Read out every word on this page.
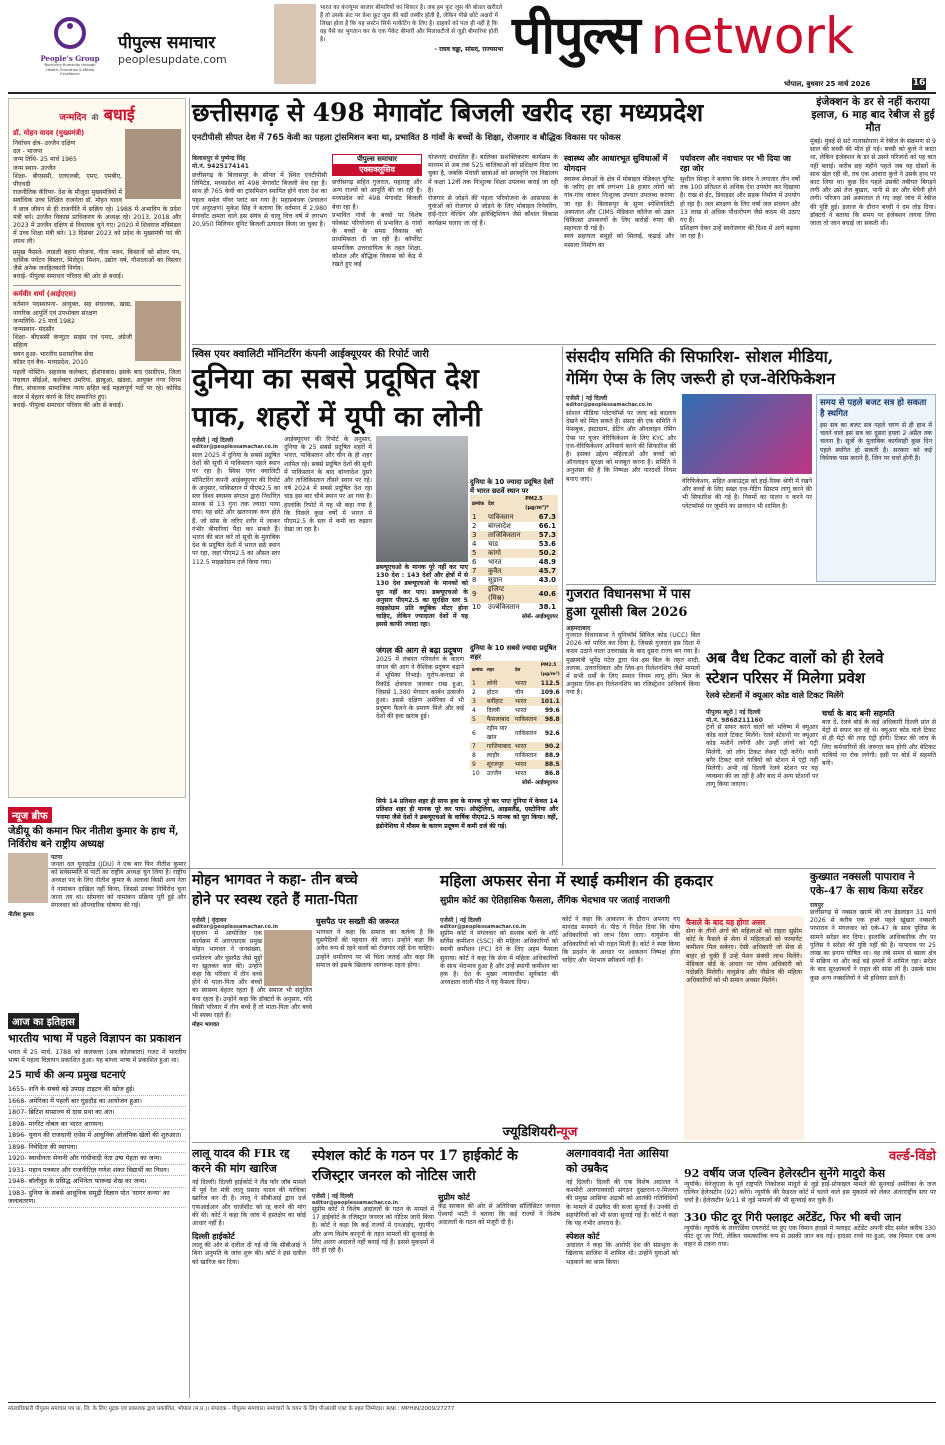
People's Group
Nurturing Humanity through Health, Education & Media Excellence
पीपुल्स समाचार
peoplesupdate.com
भारत का कंज्यूमर बाजार बीमारियों का शिकार है। जब हम फूट जूस की बोतल खरीदते हैं तो उसके फ्रंट पर फ्रेश फ्रूट जूस की बड़ी तस्वीर होती है, लेकिन पीछे छोटे अक्षरों में लिखा होता है कि यह सस्टेन सिर्फ मार्केटिंग के लिए है। ग्राहकों को पता ही नहीं है कि वह पैसे का भुगतान कर के एक पैकेट बीमारी और मिलावटीजें से जुड़ी बीमारियां होती है।
- राघव चड्ढा, सांसद, राज्यसभा पीपुल्स network
भोपाल, बुधवार 25 मार्च 2026	16
जन्मदिन की बधाई
डॉ. मोहन यादव (मुख्यमंत्री)
निर्वाचन क्षेत्र- उज्जैन दक्षिण
दल - भाजपा
जन्म तिथि- 25 मार्च 1965
जन्म स्थान- उज्जैन
शिक्षा- बीएससी, एलएलबी, एमए, एमबीए, पीएचडी
राजनीतिक कॅरियर- देश के मौजूदा मुख्यमंत्रियों में सर्वाधिक उच्च शिक्षित राजनेता डॉ. मोहन यादव ने छात्र जीवन से ही राजनीति में सक्रिय रहे। 1988 में अभाविप के प्रदेश मंत्री बने। उज्जैन विकास प्राधिकरण के अध्यक्ष रहे। 2013, 2018 और 2023 में उज्जैन दक्षिण से विधायक चुने गए। 2020 में शिवराज मंत्रिमंडल में उच्च शिक्षा मंत्री बने। 13 दिसंबर 2023 को प्रदेश के मुख्यमंत्री पद की शपथ ली।
प्रमुख फैसले- लाडली बहना योजना, गीता भवन, किसानों को सोलर पंप, धार्मिक पर्यटन विस्तार, मिलेट्स मिशन, उद्योग वर्ष, गौशालाओं का विस्तार जैसे अनेक जनहितकारी निर्णय।
बधाई- पीपुल्स समाचार परिवार की ओर से बधाई।
कर्मवीर शर्मा (आईएएस)
वर्तमान पदस्थापना- आयुक्त, सह संचालक, खाद्य, नागरिक आपूर्ति एवं उपभोक्ता संरक्षण
जन्मतिथि- 25 मार्च 1982
जन्मस्थान- मंदसौर
शिक्षा- बीएससी कंप्यूटर साइंस एवं एमए, अंग्रेजी सहित्य
चयन हुआ- भारतीय प्रशासनिक सेवा
कॉडर एवं बैच- मध्यप्रदेश, 2010
पहली पोस्टिंग- सहायक कलेक्टर, होशंगाबाद। इसके बाद एसडीएम, जिला पंचायत सीईओ, कलेक्टर उमरिया, झाबुआ, खंडवा, आयुक्त नगर निगम रीवा, संचालक सामाजिक न्याय सहित कई महत्वपूर्ण पदों पर रहे। कोविड काल में बेहतर कार्य के लिए सम्मानित हुए।
बधाई- पीपुल्स समाचार परिवार की ओर से बधाई।
छत्तीसगढ़ से 498 मेगावॉट बिजली खरीद रहा मध्यप्रदेश
एनटीपीसी सीपत देश में 765 केवी का पहला ट्रांसमिशन बना था, प्रभावित 8 गांवों के बच्चों के शिक्षा, रोजगार व बौद्धिक विकास पर फोकस
बिलासपुर से पुष्पेन्द्र सिंह
मो.नं. 9425174141
छत्तीसगढ़ के बिलासपुर के सीपत में स्थित एनटीपीसी लिमिटेड, मध्यप्रदेश को 498 मेगावॉट बिजली बेच रहा है। साथ ही 765 केवी का ट्रांसमिशन स्थापित होने वाला देश का पहला थर्मल पॉवर प्लांट बन गया है। महाप्रबंधक (प्रचालन एवं अनुरक्षण) मुकेश सिंह ने बताया कि वर्तमान में 2,980 मेगावॉट क्षमता वाले इस संयंत्र से चालू वित्त वर्ष में लगभग 20,950 मिलियन यूनिट बिजली उत्पादन किया जा चुका है।
पीपुल्स समाचार
एक्सक्लूसिव
छत्तीसगढ़ सहित गुजरात, महाराष्ट्र और अन्य राज्यों को आपूर्ति की जा रही है। मध्यप्रदेश को 498 मेगावॉट बिजली बेचा रहा है।
प्रभावित गांवों के बच्चों पर विशेष फोकसः परियोजना से प्रभावित 8 गांवों के बच्चों के समग्र विकास को प्राथमिकता दी जा रही है। कॉर्पोरेट सामाजिक उत्तरदायित्व के तहत शिक्षा, कौशल और बौद्धिक विकास को केंद्र में रखते हुए कई
योजनाएं संचालित हैं। बालिका सशक्तिकरण कार्यक्रम के माध्यम से अब तक 525 बालिकाओं को प्रशिक्षण दिया जा चुका है, जबकि मेधावी छात्राओं को छात्रवृत्ति एवं विद्यालय में कक्षा 12वीं तक निःशुल्क शिक्षा उपलब्ध कराई जा रही है।
रोजगार से जोड़ने की पहलः परियोजना के आसपास के युवाओं को रोजगार से जोड़ने के लिए मोबाइल रिपेयरिंग, हाई-एंटर वेल्डिंग और इलेक्ट्रिशियन जैसे कौशल विकास कार्यक्रम चलाए जा रहे हैं।
स्वास्थ्य और आधारभूत सुविधाओं में योगदान
स्वास्थ्य सेवाओं के क्षेत्र में मोबाइल मेडिकल यूनिट के जरिए हर वर्ष लगभग 18 हजार लोगों को गांव-गांव जाकर निःशुल्क उपचार उपलब्ध कराया जा रहा है। बिलासपुर के सुपर स्पेशियलिटी अस्पताल और CIMS मेडिकल कॉलेज को उन्नत चिकित्सा उपकरणों के लिए करोड़ों रुपए की सहायता दी गई है।
स्वयं सहायता समूहों को सिलाई, कढ़ाई और मसाला निर्माण का
पर्यावरण और नवाचार पर भी दिया जा रहा जोर
सुशील सिन्हा ने बताया कि संयंत्र ने लगातार तीन वर्षों तक 100 प्रतिशत से अधिक ऐश उपयोग कर दिखाया है। राख से ईंट, डिवाइडर और सड़क निर्माण में उपयोग हो रहा है। जल संरक्षण के लिए वर्षा जल संचयन और 13 लाख से अधिक पौधारोपण जैसे कदम भी उठाए गए हैं।
प्रशिक्षण देकर उन्हें स्वरोजगार की दिशा में आगे बढ़ाया जा रहा है।
इंजेक्शन के डर से नहीं कराया इलाज, 6 माह बाद रेबीज से हुई मौत
मुंबई। मुंबई से सटे नालासोपारा में रेबीज के संक्रमण से 9 साल की बच्ची की मौत हो गई। बच्ची को कुत्ते ने काटा था, लेकिन इंजेक्शन के डर से उसने परिजनों को यह बात नहीं बताई। करीब छह महीने पहले जब वह दोस्तों के साथ खेल रही थी, तब एक आवारा कुत्ते ने उसके हाथ पर काट लिया था। कुछ दिन पहले उसकी तबीयत बिगड़ने लगी और उसे तेज बुखार, पानी से डर और बेचैनी होने लगी। परिजन उसे अस्पताल ले गए जहां जांच में रेबीज की पुष्टि हुई। इलाज के दौरान बच्ची ने दम तोड़ दिया। डॉक्टरों ने बताया कि समय पर इंजेक्शन लगवा लिया जाता तो जान बचाई जा सकती थी।
स्विस एयर क्वालिटी मॉनिटरिंग कंपनी आईक्यूएयर की रिपोर्ट जारी
दुनिया का सबसे प्रदूषित देश
पाक, शहरों में यूपी का लोनी
एजेंसी | नई दिल्ली
editor@peoplessamachar.co.in
साल 2025 में दुनिया के सबसे प्रदूषित देशों की सूची में पाकिस्तान पहले स्थान पर रहा है। स्विस एयर क्वालिटी मॉनिटरिंग कंपनी आईक्यूएयर की रिपोर्ट के अनुसार, पाकिस्तान में पीएम2.5 का स्तर विश्व स्वास्थ्य संगठन द्वारा निर्धारित मानक से 13 गुना तक ज्यादा पाया गया। यह छोटे और खतरनाक कण होते हैं, जो सांस के जरिए शरीर में जाकर गंभीर बीमारियां पैदा कर सकते हैं। भारत की बात करें तो सूची के मुताबिक देश के प्रदूषित देशों में भारत छठे स्थान पर रहा, जहां पीएम2.5 का औसत स्तर 112.5 माइक्रोग्राम दर्ज किया गया।
आईक्यूएयर की रिपोर्ट के अनुसार, दुनिया के 25 सबसे प्रदूषित शहरों में भारत, पाकिस्तान और चीन के ही शहर शामिल रहे। सबसे प्रदूषित देशों की सूची में पाकिस्तान के बाद बांग्लादेश दूसरे और ताजिकिस्तान तीसरे स्थान पर रहे। वर्ष 2024 में सबसे प्रदूषित देश रहा चाड इस बार चौथे स्थान पर आ गया है। हालांकि रिपोर्ट में यह भी कहा गया है कि पिछले कुछ वर्षों में भारत में पीएम2.5 के स्तर में कमी का रुझान देखा जा रहा है।
डब्ल्यूएचओ के मानक पूरे नहीं कर पाए 130 देश : 143 देशों और क्षेत्रों में से 130 देश डब्ल्यूएचओ के मानकों को पूरा नहीं कर पाए। डब्ल्यूएचओ के अनुसार पीएम2.5 का सुरक्षित स्तर 5 माइक्रोग्राम प्रति क्यूबिक मीटर होना चाहिए, लेकिन ज्यादातर देशों में यह इससे काफी ज्यादा रहा।
जंगल की आग से बढ़ा प्रदूषण
2025 में लंबवत परिवर्तन के कारण जंगल की आग ने वैश्विक प्रदूषण बढ़ाने में भूमिका निभाई। यूरोप-कनाडा से रिकॉर्ड क्षेत्रफल जलकर राख हुआ, जिससे 1,380 मेगाटन कार्बन उत्सर्जन हुआ। इससे दक्षिण अमेरिका में भी प्रदूषण फैलने के प्रमाण मिले और कई देशों की हवा खराब हुई।
दुनिया के 10 ज्यादा प्रदूषित देशों में भारत छठवें स्थान पर
क्रमांक	देश	PM2.5 (μg/m³)*
1	पाकिस्तान	67.3
2	बांग्लादेश	66.1
3	ताजिकिस्तान	57.3
4	चाड	53.6
5	कांगो	50.2
6	भारत	48.9
7	कुवैत	45.7
8	सूडान	43.0
9	इजिप्ट (मिस्र)	40.6
10	उज्बेकिस्तान	38.1
सोर्स- आईक्यूएयर
दुनिया के 10 सबसे ज्यादा प्रदूषित शहर
क्रमांक	शहर	देश	PM2.5 (μg/m³)
1	लोनी	भारत	112.5
2	होटन	चीन	109.6
3	बर्नीहाट	भारत	101.1
4	दिल्ली	भारत	99.6
5	फैसलाबाद	पाकिस्तान	98.8
6	रहीम यार खान	पाकिस्तान	92.6
7	गाजियाबाद	भारत	90.2
8	लाहौर	पाकिस्तान	88.9
9	सूरजपुर	भारत	88.5
10	उज्जैन	भारत	86.8
सोर्स- आईक्यूएयर
सिर्फ 14 प्रतिशत शहर ही साफ हवा के मानक पूरे कर पाएः दुनिया में केवल 14 प्रतिशत शहर ही मानक पूरे कर पाए। ऑस्ट्रेलिया, आइसलैंड, एस्टोनिया और पनामा जैसे देशों ने डब्ल्यूएचओ के वार्षिक पीएम2.5 मानक को पूरा किया। वहीं, इंडोनेशिया में मौसम के कारण प्रदूषण में कमी दर्ज की गई।
संसदीय समिति की सिफारिश- सोशल मीडिया,
गेमिंग ऐप्स के लिए जरूरी हो एज-वेरिफिकेशन
एजेंसी | नई दिल्ली
editor@peoplessamachar.co.in
सोशल मीडिया प्लेटफॉर्म्स पर जल्द बड़े बदलाव देखने को मिल सकते हैं। संसद की एक समिति ने फेसबुक, इंस्टाग्राम, डेटिंग और ऑनलाइन गेमिंग ऐप्स पर यूजर वेरिफिकेशन के लिए KYC और एज-वेरिफिकेशन अनिवार्य करने की सिफारिश की है। इसका उद्देश्य महिलाओं और बच्चों को ऑनलाइन सुरक्षा को मजबूत करना है। समिति ने अनुशंसा की है कि निष्पक्ष और पारदर्शी नियम बनाए जाएं।	वेरिफिकेशन, सहित अकाउंट्स को हाई-रिस्क श्रेणी में रखने और बच्चों के लिए सख्त एज-गेटिंग सिस्टम लागू करने की भी सिफारिश की गई है। नियमों का पालन न करने पर प्लेटफॉर्म्स पर जुर्माने का प्रावधान भी शामिल है।
समय से पहले बजट सत्र हो सकता है स्थगित
इस सत्र का बजट सत्र पहले चरण से ही हाथ में चलने वाले इस सत्र का दूसरा हफ्ता 2 अप्रैल तक चलना है। सूत्रों के मुताबिक कार्यवाही कुछ दिन पहले स्थगित हो सकती है। सरकार को कई विधेयक पास कराने हैं, जिन पर चर्चा होनी है।
गुजरात विधानसभा में पास
हुआ यूसीसी बिल 2026
अहमदाबाद
गुजरात विधानसभा ने यूनिफॉर्म सिविल कोड (UCC) बिल 2026 को पारित कर दिया है, जिससे गुजरात इस दिशा में कदम उठाने वाला उत्तराखंड के बाद दूसरा राज्य बन गया है। मुख्यमंत्री भूपेंद्र पटेल द्वारा पेश इस बिल के तहत शादी, तलाक, उत्तराधिकार और लिव-इन रिलेशनशिप जैसे मामलों में सभी धर्मों के लिए समान नियम लागू होंगे। बिल के अनुसार लिव-इन रिलेशनशिप का रजिस्ट्रेशन अनिवार्य किया गया है।
अब वैध टिकट वालों को ही रेलवे
स्टेशन परिसर में मिलेगा प्रवेश
रेलवे स्टेशनों में क्यूआर कोड वाले टिकट मिलेंगे
पीपुल्स ब्यूरो | नई दिल्ली
मो.नं. 9868211160
ट्रेनों से सफर करने वालों को भविष्य में क्यूआर कोड वाले टिकट मिलेंगे। रेलवे स्टेशनों पर क्यूआर कोड मशीनें लगेंगी और उन्हीं लोगों को एंट्री मिलेगी, जो लोग टिकट लेकर एंट्री करेंगे। यानी बगैर टिकट वाले यात्रियों को स्टेशन में एंट्री नहीं मिलेगी। अभी नई दिल्ली रेलवे स्टेशन पर यह व्यवस्था की जा रही है और बाद में अन्य स्टेशनों पर लागू किया जाएगा।
चर्चा के बाद बनी सहमति
बता दें, रेलवे बोर्ड के कई अधिकारी दिल्ली प्रांत से मेट्रो से सफर कर रहे थे। क्यूआर कोड वाले टिकट से ही मेट्रो की तरह एंट्री होगी। टिकट की जांच के लिए कर्मचारियों की जरूरत कम होगी और बेटिकट यात्रियों पर रोक लगेगी। इसी पर बोर्ड में सहमति बनी।
न्यूज ब्रीफ
जेडीयू की कमान फिर नीतीश कुमार के हाथ में, निर्विरोध बने राष्ट्रीय अध्यक्ष
पटना
जनता दल यूनाइटेड (JDU) ने एक बार फिर नीतीश कुमार को सर्वसम्मति से पार्टी का राष्ट्रीय अध्यक्ष चुन लिया है। राष्ट्रीय अध्यक्ष पद के लिए नीतीश कुमार के अलावा किसी अन्य नेता ने नामांकन दाखिल नहीं किया, जिससे उनका निर्विरोध चुना जाना तय था। सोमवार को नामांकन प्रक्रिया पूरी हुई और मंगलवार को औपचारिक घोषणा की गई।
नीतीश कुमार
आज का इतिहास
भारतीय भाषा में पहले विज्ञापन का प्रकाशन
भारत में 25 मार्च, 1788 को कलकत्ता (अब कोलकाता) गजट में भारतीय भाषा में पहला विज्ञापन प्रकाशित हुआ। यह बांग्ला भाषा में प्रकाशित हुआ था।
25 मार्च की अन्य प्रमुख घटनाएं
1655- शनि के सबसे बड़े उपग्रह टाइटन की खोज हुई।
1668- अमेरिका में पहली बार घुड़दौड़ का आयोजन हुआ।
1807- ब्रिटिश साम्राज्य से दास प्रथा का अंत।
1898- मार्गरेट नोबल का भारत आगमन।
1896- यूनान की राजधानी एथेंस में आधुनिक ओलंपिक खेलों की शुरुआत।
1898- निवेदिता की स्थापना।
1920- स्वाधीनता सेनानी और गांधीवादी नेता उषा मेहता का जन्म।
1931- महान पत्रकार और राजनीतिज्ञ गणेश शंकर विद्यार्थी का निधन।
1948- बॉलीवुड के प्रसिद्ध अभिनेता फारूख शेख का जन्म।
1983- दुनिया के सबसे आधुनिक समुद्री विज्ञान पोत 'सागर कन्या' का जलावतरण।
मोहन भागवत ने कहा- तीन बच्चे
होने पर स्वस्थ रहते हैं माता-पिता
एजेंसी | वृंदावन
editor@peoplessamachar.co.in
वृंदावन में आयोजित एक कार्यक्रम में आरएसएस प्रमुख मोहन भागवत ने जनसंख्या, धर्मांतरण और घुसपैठ जैसे मुद्दों पर खुलकर बात की। उन्होंने कहा कि परिवार में तीन बच्चे होने से माता-पिता और बच्चों का स्वास्थ्य बेहतर रहता है और समाज भी संतुलित बना रहता है। उन्होंने कहा कि डॉक्टरों के अनुसार, यदि किसी परिवार में तीन बच्चे हैं तो माता-पिता और बच्चे भी स्वस्थ रहते हैं।
मोहन भागवत
घुसपैठ पर सख्ती की जरूरत
भागवत ने कहा कि समाज का कर्तव्य है कि घुसपैठियों की पहचान की जाए। उन्होंने कहा कि अवैध रूप से रहने वालों को रोजगार नहीं देना चाहिए। उन्होंने धर्मांतरण पर भी चिंता जताई और कहा कि समाज को इसके खिलाफ जागरूक रहना होगा।
महिला अफसर सेना में स्थाई कमीशन की हकदार
सुप्रीम कोर्ट का ऐतिहासिक फैसला, लैंगिक भेदभाव पर जताई नाराजगी
एजेंसी | नई दिल्ली
editor@peoplessamachar.co.in
सुप्रीम कोर्ट ने मंगलवार को सशस्त्र बलों के शॉर्ट सर्विस कमीशन (SSC) की महिला अधिकारियों को स्थायी कमीशन (PC) देने के लिए अहम फैसला सुनाया। कोर्ट ने कहा कि सेना में महिला अधिकारियों के साथ भेदभाव हुआ है और उन्हें स्थायी कमीशन का हक है। देश के मुख्य न्यायाधीश सूर्यकांत की अध्यक्षता वाली पीठ ने यह फैसला दिया।
कोर्ट ने कहा कि आकलन के दौरान अपनाए गए मानदंड मनमाने थे। पीठ ने निर्देश दिया कि योग्य अधिकारियों को लाभ दिया जाए। वायुसेना की अधिकारियों को भी राहत मिली है। कोर्ट ने स्पष्ट किया कि प्रदर्शन के आधार पर आकलन निष्पक्ष होना चाहिए और भेदभाव स्वीकार्य नहीं है।
फैसले के बाद यह होगा असर
सेना के तीनों अंगों की महिलाओं को राहतः सुप्रीम कोर्ट के फैसले से सेना में महिलाओं को परमानेंट कमीशन मिल सकेगा। ऐसी अधिकारी जो सेवा से बाहर हो चुकी हैं उन्हें पेंशन संबंधी लाभ मिलेंगे। मेडिकल बोर्ड के आधार पर योग्य अधिकारी को पदोन्नति मिलेगी। वायुसेना और नौसेना की महिला अधिकारियों को भी समान अवसर मिलेंगे।
कुख्यात नक्सली पापाराव ने एके-47 के साथ किया सरेंडर
रायपुर
छत्तीसगढ़ से नक्सल खात्मे की तय डेडलाइन 31 मार्च 2026 से करीब एक हफ्ते पहले खूंखार नक्सली पापाराव ने मंगलवार को एके-47 के साथ पुलिस के सामने सरेंडर कर दिया। हालांकि आधिकारिक तौर पर पुलिस ने सरेंडर की पुष्टि नहीं की है। पापाराव पर 25 लाख का इनाम घोषित था। वह लंबे समय से बस्तर क्षेत्र में सक्रिय था और कई बड़े हमलों में शामिल रहा। सरेंडर के बाद सुरक्षाबलों ने राहत की सांस ली है। उसके साथ कुछ अन्य नक्सलियों ने भी हथियार डाले हैं।
ज्यूडिशियरीन्यूज
लालू यादव की FIR रद्द करने की मांग खारिज
नई दिल्ली। दिल्ली हाईकोर्ट ने लैंड फॉर जॉब मामले में पूर्व रेल मंत्री लालू प्रसाद यादव की याचिका खारिज कर दी है। लालू ने सीबीआई द्वारा दर्ज एफआईआर और चार्जशीट को रद्द करने की मांग की थी। कोर्ट ने कहा कि जांच में हस्तक्षेप का कोई आधार नहीं है।
दिल्ली हाईकोर्ट
लालू की ओर से दलील दी गई थी कि सीबीआई ने बिना अनुमति के जांच शुरू की। कोर्ट ने इस दलील को खारिज कर दिया।
स्पेशल कोर्ट के गठन पर 17 हाईकोर्ट के रजिस्ट्रार जनरल को नोटिस जारी
एजेंसी | नई दिल्ली
editor@peoplessamachar.co.in
सुप्रीम कोर्ट ने विशेष अदालतों के गठन के मामले में 17 हाईकोर्ट के रजिस्ट्रार जनरल को नोटिस जारी किया है। कोर्ट ने कहा कि कई राज्यों में एनआईए, यूएपीए और अन्य विशेष कानूनों के तहत मामलों की सुनवाई के लिए अलग अदालतें नहीं बनाई गई हैं। इससे मुकदमों में देरी हो रही है।
सुप्रीम कोर्ट
केंद्र सरकार की ओर से अतिरिक्त सॉलिसिटर जनरल ऐश्वर्या भाटी ने बताया कि कई राज्यों ने विशेष अदालतों के गठन को मंजूरी दी है।
अलगाववादी नेता आसिया को उम्रकैद
नई दिल्ली। दिल्ली की एक विशेष अदालत ने कश्मीरी अलगाववादी संगठन दुख्तरान-ए-मिल्लत की प्रमुख आसिया अंद्राबी को आतंकी गतिविधियों के मामले में उम्रकैद की सजा सुनाई है। उनकी दो सहयोगियों को भी सजा सुनाई गई है। कोर्ट ने कहा कि यह गंभीर अपराध है।
स्पेशल कोर्ट
अदालत ने कहा कि आरोपी देश की संप्रभुता के खिलाफ साजिश में शामिल थी। उन्होंने युवाओं को भड़काने का काम किया।
वर्ल्ड-विंडो
92 वर्षीय जज एल्विन हेलेरस्टीन सुनेंगे मादुरो केस
न्यूयॉर्क। वेनेजुएला के पूर्व राष्ट्रपति निकोलस मादुरो से जुड़े हाई-प्रोफाइल मामले की सुनवाई अमेरिका के जज एल्विन हेलेरस्टीन (92) करेंगे। न्यूयॉर्क की फेडरल कोर्ट में चलने वाले इस मुकदमे को लेकर अंतरराष्ट्रीय स्तर पर चर्चा है। हेलेरस्टीन 9/11 से जुड़े मामलों की भी सुनवाई कर चुके हैं।
330 फीट दूर गिरी फ्लाइट अटेंडेंट, फिर भी बची जान
न्यूयॉर्क। न्यूयॉर्क के लागार्डिया एयरपोर्ट पर हुए एक विमान हादसे में फ्लाइट अटेंडेंट अपनी सीट समेत करीब 330 फीट दूर जा गिरी, लेकिन चमत्कारिक रूप से उसकी जान बच गई। हादसा रनवे पर हुआ, जब विमान एक अन्य वाहन से टकरा गया।
स्वत्वाधिकारी पीपुल्स समाचार पत्र प्रा. लि. के लिए मुद्रक एवं प्रकाशक द्वारा प्रकाशित, भोपाल (म.प्र.)। संपादक - पीपुल्स समाचार। समाचारों के चयन के लिए पीआरबी एक्ट के तहत जिम्मेदार। RNI : MPHIN/2009/27277
